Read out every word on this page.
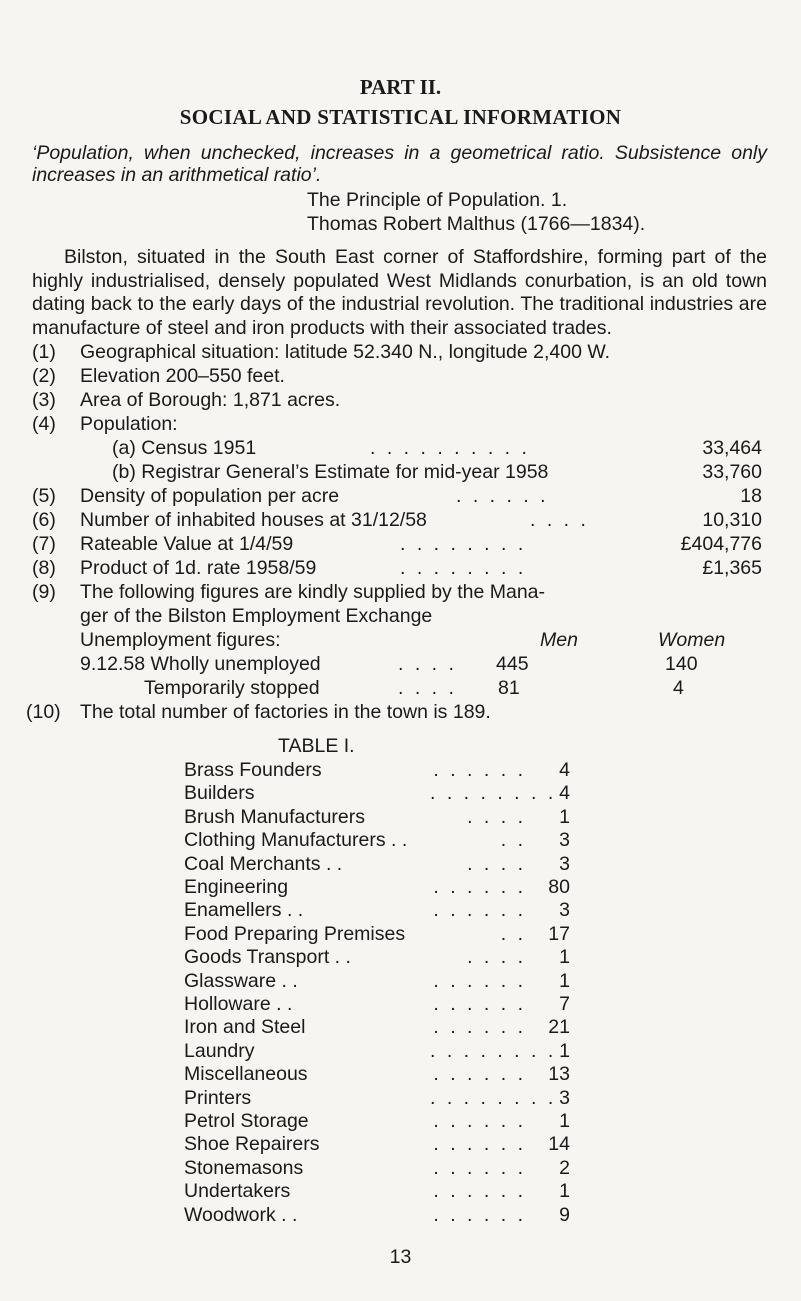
PART II.
SOCIAL AND STATISTICAL INFORMATION

‘Population, when unchecked, increases in a geometrical ratio. Subsistence only increases in an arithmetical ratio’.

The Principle of Population. 1.
Thomas Robert Malthus (1766—1834).

Bilston, situated in the South East corner of Staffordshire, forming part of the highly industrialised, densely populated West Midlands conurbation, is an old town dating back to the early days of the industrial revolution. The traditional industries are manufacture of steel and iron products with their associated trades.

(1) Geographical situation: latitude 52.340 N., longitude 2,400 W.
(2) Elevation 200–550 feet.
(3) Area of Borough: 1,871 acres.
(4) Population:
(a) Census 1951	. . . . . . . . . .	33,464
(b) Registrar General’s Estimate for mid-year 1958	33,760
(5) Density of population per acre	. . . . . .	18
(6) Number of inhabited houses at 31/12/58	. . . .	10,310
(7) Rateable Value at 1/4/59	. . . . . . . .	£404,776
(8) Product of 1d. rate 1958/59	. . . . . . . .	£1,365
(9) The following figures are kindly supplied by the Mana-
ger of the Bilston Employment Exchange
Unemployment figures:	Men	Women
9.12.58 Wholly unemployed	. . . . 445	140
Temporarily stopped	. . . . 81	4
(10) The total number of factories in the town is 189.
TABLE I.
Brass Founders	. . . . . .	4
Builders	. . . . . . . . 4
Brush Manufacturers	. . . .	1
Clothing Manufacturers . .	. .	3
Coal Merchants . .	. . . .	3
Engineering	. . . . . .	80
Enamellers . .	. . . . . .	3
Food Preparing Premises	. .	17
Goods Transport . .	. . . .	1
Glassware . .	. . . . . .	1
Holloware . .	. . . . . .	7
Iron and Steel	. . . . . .	21
Laundry	. . . . . . . . 1
Miscellaneous	. . . . . .	13
Printers	. . . . . . . . 3
Petrol Storage	. . . . . .	1
Shoe Repairers	. . . . . .	14
Stonemasons	. . . . . .	2
Undertakers	. . . . . .	1
Woodwork . .	. . . . . .	9
13
